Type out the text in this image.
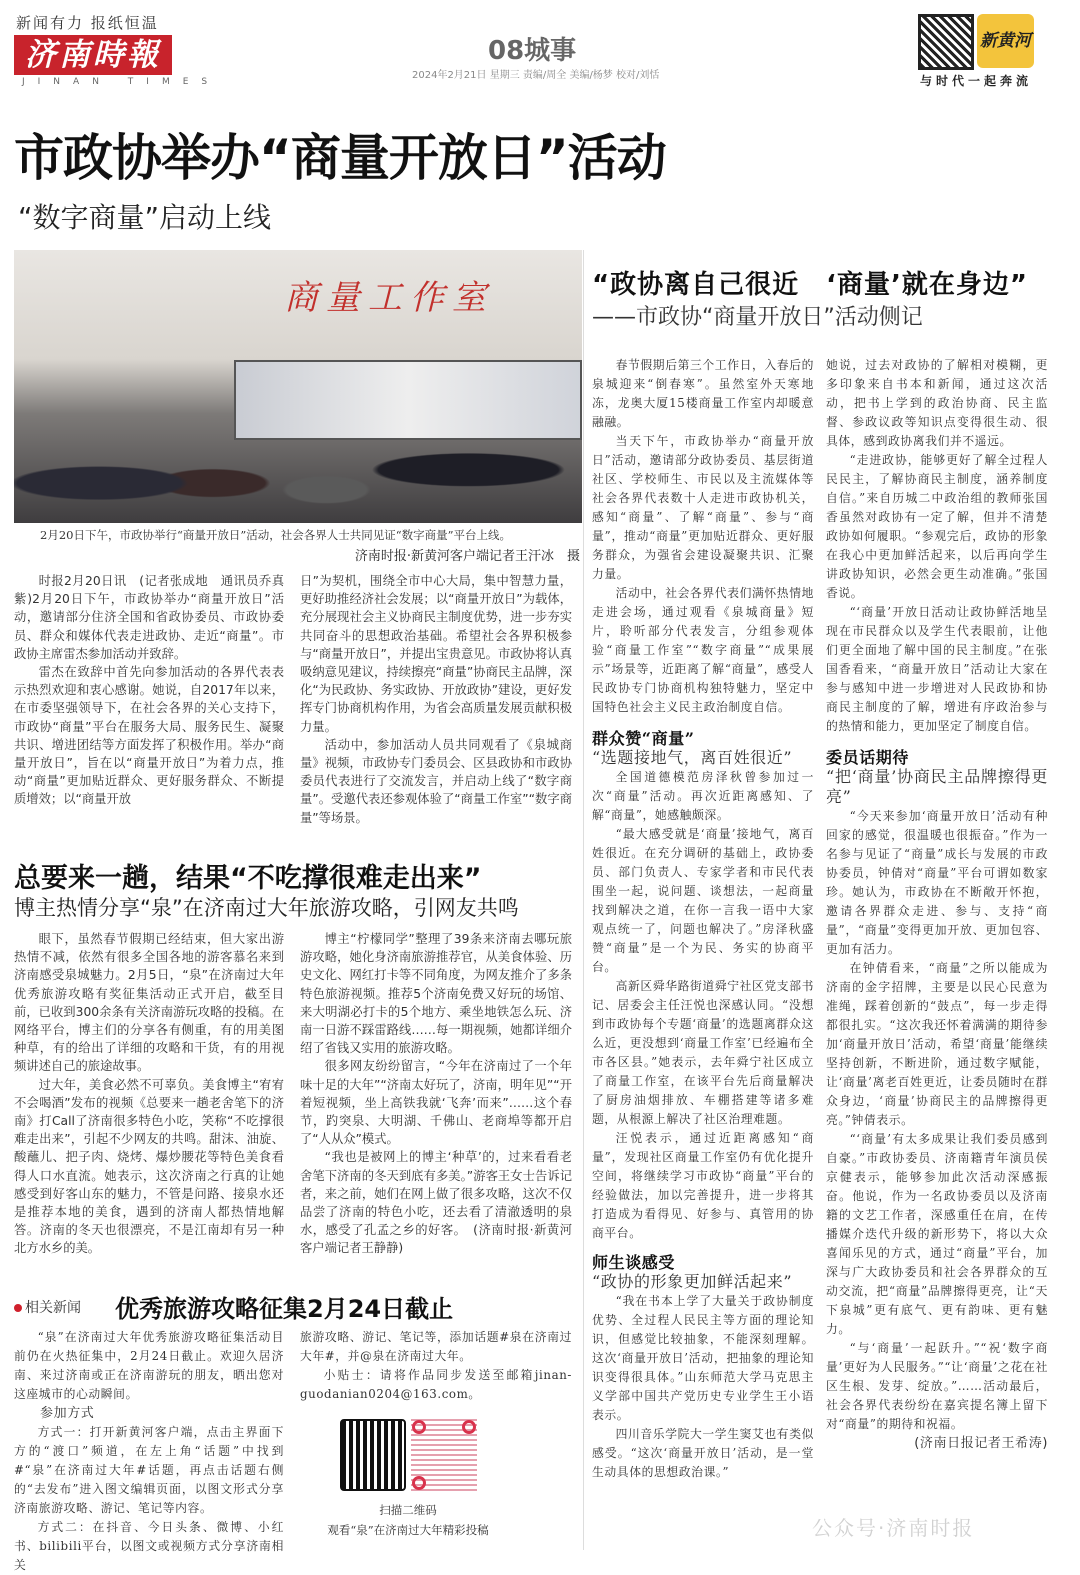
新闻有力 报纸恒温
济南時報
JINAN TIMES
08城事
2024年2月21日 星期三 责编/周全 美编/杨梦 校对/刘恬
新黄河
与时代一起奔流
市政协举办“商量开放日”活动
“数字商量”启动上线
商量工作室
2月20日下午，市政协举行“商量开放日”活动，社会各界人士共同见证“数字商量”平台上线。
济南时报·新黄河客户端记者王汗冰　摄

时报2月20日讯　(记者张成地　通讯员乔真紫)2月20日下午，市政协举办“商量开放日”活动，邀请部分住济全国和省政协委员、市政协委员、群众和媒体代表走进政协、走近“商量”。市政协主席雷杰参加活动并致辞。

雷杰在致辞中首先向参加活动的各界代表表示热烈欢迎和衷心感谢。她说，自2017年以来，在市委坚强领导下，在社会各界的关心支持下，市政协“商量”平台在服务大局、服务民生、凝聚共识、增进团结等方面发挥了积极作用。举办“商量开放日”，旨在以“商量开放日”为着力点，推动“商量”更加贴近群众、更好服务群众、不断提质增效；以“商量开放

日”为契机，围绕全市中心大局，集中智慧力量，更好助推经济社会发展；以“商量开放日”为载体，充分展现社会主义协商民主制度优势，进一步夯实共同奋斗的思想政治基础。希望社会各界积极参与“商量开放日”，并提出宝贵意见。市政协将认真吸纳意见建议，持续擦亮“商量”协商民主品牌，深化“为民政协、务实政协、开放政协”建设，更好发挥专门协商机构作用，为省会高质量发展贡献积极力量。

活动中，参加活动人员共同观看了《泉城商量》视频，市政协专门委员会、区县政协和市政协委员代表进行了交流发言，并启动上线了“数字商量”。受邀代表还参观体验了“商量工作室”“数字商量”等场景。

总要来一趟，结果“不吃撑很难走出来”
博主热情分享“泉”在济南过大年旅游攻略，引网友共鸣

眼下，虽然春节假期已经结束，但大家出游热情不减，依然有很多全国各地的游客慕名来到济南感受泉城魅力。2月5日，“泉”在济南过大年优秀旅游攻略有奖征集活动正式开启，截至目前，已收到300余条有关济南游玩攻略的投稿。在网络平台，博主们的分享各有侧重，有的用美图种草，有的给出了详细的攻略和干货，有的用视频讲述自己的旅途故事。

过大年，美食必然不可辜负。美食博主“宥宥不会喝酒”发布的视频《总要来一趟老舍笔下的济南》打Call了济南很多特色小吃，笑称“不吃撑很难走出来”，引起不少网友的共鸣。甜沫、油旋、酸蘸儿、把子肉、烧烤、爆炒腰花等特色美食看得人口水直流。她表示，这次济南之行真的让她感受到好客山东的魅力，不管是问路、接泉水还是推荐本地的美食，遇到的济南人都热情地解答。济南的冬天也很漂亮，不是江南却有另一种北方水乡的美。

博主“柠檬同学”整理了39条来济南去哪玩旅游攻略，她化身济南旅游推荐官，从美食体验、历史文化、网红打卡等不同角度，为网友推介了多条特色旅游视频。推荐5个济南免费又好玩的场馆、来大明湖必打卡的5个地方、乘坐地铁怎么玩、济南一日游不踩雷路线……每一期视频，她都详细介绍了省钱又实用的旅游攻略。

很多网友纷纷留言，“今年在济南过了一个年味十足的大年”“济南太好玩了，济南，明年见”“开着短视频，坐上高铁我就‘飞奔’而来”……这个春节，趵突泉、大明湖、千佛山、老商埠等都开启了“人从众”模式。

“我也是被网上的博主‘种草’的，过来看看老舍笔下济南的冬天到底有多美。”游客王女士告诉记者，来之前，她们在网上做了很多攻略，这次不仅品尝了济南的特色小吃，还去看了清澈透明的泉水，感受了孔孟之乡的好客。　(济南时报·新黄河客户端记者王静静)

相关新闻 优秀旅游攻略征集2月24日截止

“泉”在济南过大年优秀旅游攻略征集活动目前仍在火热征集中，2月24日截止。欢迎久居济南、来过济南或正在济南游玩的朋友，晒出您对这座城市的心动瞬间。

参加方式

方式一：打开新黄河客户端，点击主界面下方的“渡口”频道，在左上角“话题”中找到#“泉”在济南过大年#话题，再点击话题右侧的“去发布”进入图文编辑页面，以图文形式分享济南旅游攻略、游记、笔记等内容。

方式二：在抖音、今日头条、微博、小红书、bilibili平台，以图文或视频方式分享济南相关

旅游攻略、游记、笔记等，添加话题#泉在济南过大年#，并@泉在济南过大年。

小贴士：请将作品同步发送至邮箱jinan-guodanian0204@163.com。

扫描二维码
观看“泉”在济南过大年精彩投稿
“政协离自己很近　‘商量’就在身边”
——市政协“商量开放日”活动侧记

春节假期后第三个工作日，入春后的泉城迎来“倒春寒”。虽然室外天寒地冻，龙奥大厦15楼商量工作室内却暖意融融。

当天下午，市政协举办“商量开放日”活动，邀请部分政协委员、基层街道社区、学校师生、市民以及主流媒体等社会各界代表数十人走进市政协机关，感知“商量”、了解“商量”、参与“商量”，推动“商量”更加贴近群众、更好服务群众，为强省会建设凝聚共识、汇聚力量。

活动中，社会各界代表们满怀热情地走进会场，通过观看《泉城商量》短片，聆听部分代表发言，分组参观体验“商量工作室”“数字商量”“成果展示”场景等，近距离了解“商量”，感受人民政协专门协商机构独特魅力，坚定中国特色社会主义民主政治制度自信。

群众赞“商量”
“选题接地气，离百姓很近”

全国道德模范房泽秋曾参加过一次“商量”活动。再次近距离感知、了解“商量”，她感触颇深。

“最大感受就是‘商量’接地气，离百姓很近。在充分调研的基础上，政协委员、部门负责人、专家学者和市民代表围坐一起，说问题、谈想法，一起商量找到解决之道，在你一言我一语中大家观点统一了，问题也解决了。”房泽秋盛赞“商量”是一个为民、务实的协商平台。

高新区舜华路街道舜宁社区党支部书记、居委会主任汪悦也深感认同。“没想到市政协每个专题‘商量’的选题离群众这么近，更没想到‘商量工作室’已经遍布全市各区县。”她表示，去年舜宁社区成立了商量工作室，在该平台先后商量解决了厨房油烟排放、车棚搭建等诸多难题，从根源上解决了社区治理难题。

汪悦表示，通过近距离感知“商量”，发现社区商量工作室仍有优化提升空间，将继续学习市政协“商量”平台的经验做法，加以完善提升，进一步将其打造成为看得见、好参与、真管用的协商平台。

师生谈感受
“政协的形象更加鲜活起来”

“我在书本上学了大量关于政协制度优势、全过程人民民主等方面的理论知识，但感觉比较抽象，不能深刻理解。这次‘商量开放日’活动，把抽象的理论知识变得很具体。”山东师范大学马克思主义学部中国共产党历史专业学生王小语表示。

四川音乐学院大一学生窦艾也有类似感受。“这次‘商量开放日’活动，是一堂生动具体的思想政治课。”

她说，过去对政协的了解相对模糊，更多印象来自书本和新闻，通过这次活动，把书上学到的政治协商、民主监督、参政议政等知识点变得很生动、很具体，感到政协离我们并不遥远。

“走进政协，能够更好了解全过程人民民主，了解协商民主制度，涵养制度自信。”来自历城二中政治组的教师张国香虽然对政协有一定了解，但并不清楚政协如何履职。“参观完后，政协的形象在我心中更加鲜活起来，以后再向学生讲政协知识，必然会更生动准确。”张国香说。

“‘商量’开放日活动让政协鲜活地呈现在市民群众以及学生代表眼前，让他们更全面地了解中国的民主制度。”在张国香看来，“商量开放日”活动让大家在参与感知中进一步增进对人民政协和协商民主制度的了解，增进有序政治参与的热情和能力，更加坚定了制度自信。

委员话期待
“把‘商量’协商民主品牌擦得更亮”

“今天来参加‘商量开放日’活动有种回家的感觉，很温暖也很振奋。”作为一名参与见证了“商量”成长与发展的市政协委员，钟倩对“商量”平台可谓如数家珍。她认为，市政协在不断敞开怀抱，邀请各界群众走进、参与、支持“商量”，“商量”变得更加开放、更加包容、更加有活力。

在钟倩看来，“商量”之所以能成为济南的金字招牌，主要是以民心民意为准绳，踩着创新的“鼓点”，每一步走得都很扎实。“这次我还怀着满满的期待参加‘商量开放日’活动，希望‘商量’能继续坚持创新，不断进阶，通过数字赋能，让‘商量’离老百姓更近，让委员随时在群众身边，‘商量’协商民主的品牌擦得更亮。”钟倩表示。

“‘商量’有太多成果让我们委员感到自豪。”市政协委员、济南籍青年演员侯京健表示，能够参加此次活动深感振奋。他说，作为一名政协委员以及济南籍的文艺工作者，深感重任在肩，在传播媒介迭代升级的新形势下，将以大众喜闻乐见的方式，通过“商量”平台，加深与广大政协委员和社会各界群众的互动交流，把“商量”品牌擦得更亮，让“天下泉城”更有底气、更有韵味、更有魅力。

“与‘商量’一起跃升。”“祝‘数字商量’更好为人民服务。”“让‘商量’之花在社区生根、发芽、绽放。”……活动最后，社会各界代表纷纷在嘉宾提名簿上留下对“商量”的期待和祝福。

(济南日报记者王希涛)
公众号·济南时报
